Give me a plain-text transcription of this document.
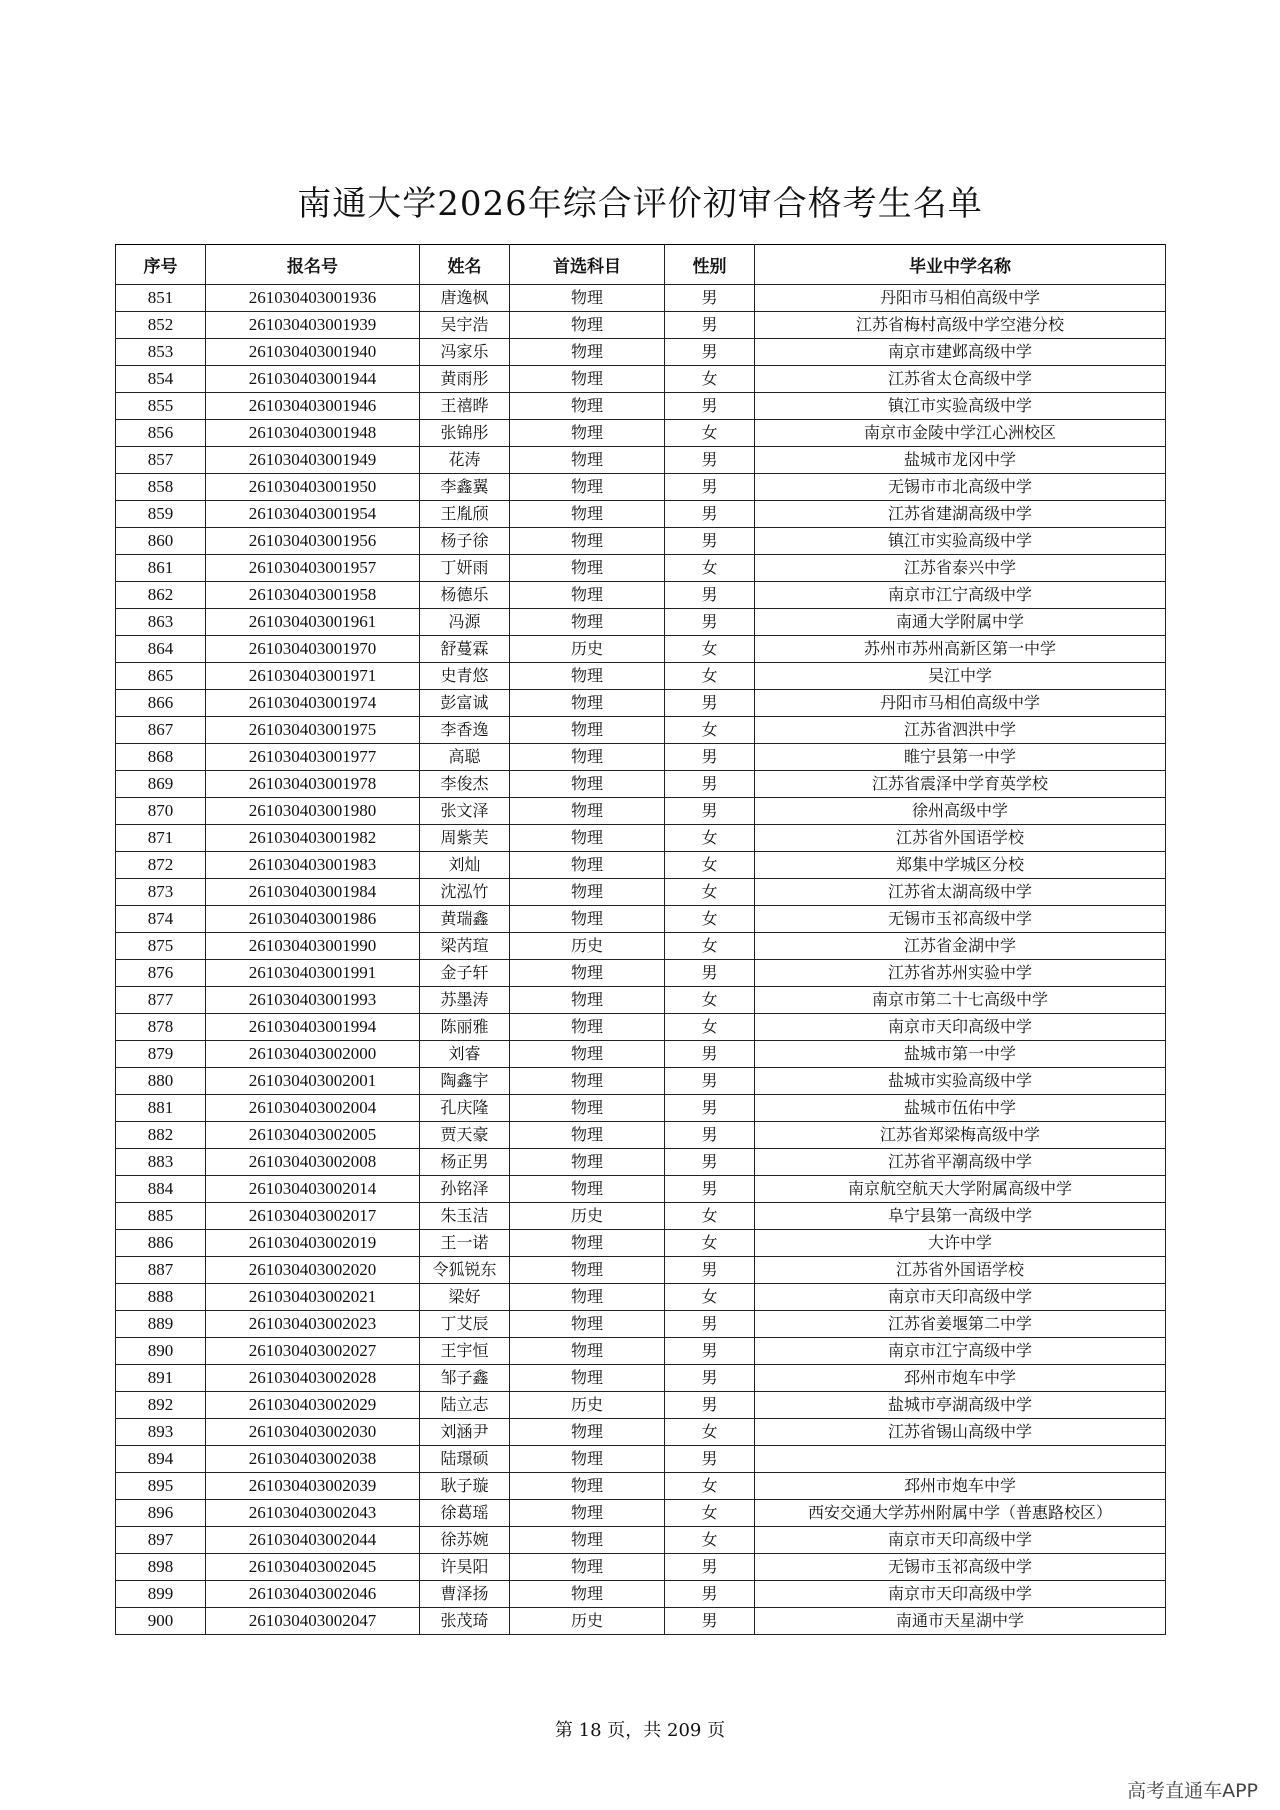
南通大学2026年综合评价初审合格考生名单
序号	报名号	姓名	首选科目	性别	毕业中学名称
851	261030403001936	唐逸枫	物理	男	丹阳市马相伯高级中学
852	261030403001939	吴宇浩	物理	男	江苏省梅村高级中学空港分校
853	261030403001940	冯家乐	物理	男	南京市建邺高级中学
854	261030403001944	黄雨彤	物理	女	江苏省太仓高级中学
855	261030403001946	王禧晔	物理	男	镇江市实验高级中学
856	261030403001948	张锦彤	物理	女	南京市金陵中学江心洲校区
857	261030403001949	花涛	物理	男	盐城市龙冈中学
858	261030403001950	李鑫翼	物理	男	无锡市市北高级中学
859	261030403001954	王胤颀	物理	男	江苏省建湖高级中学
860	261030403001956	杨子徐	物理	男	镇江市实验高级中学
861	261030403001957	丁妍雨	物理	女	江苏省泰兴中学
862	261030403001958	杨德乐	物理	男	南京市江宁高级中学
863	261030403001961	冯源	物理	男	南通大学附属中学
864	261030403001970	舒蔓霖	历史	女	苏州市苏州高新区第一中学
865	261030403001971	史青悠	物理	女	吴江中学
866	261030403001974	彭富诚	物理	男	丹阳市马相伯高级中学
867	261030403001975	李香逸	物理	女	江苏省泗洪中学
868	261030403001977	高聪	物理	男	睢宁县第一中学
869	261030403001978	李俊杰	物理	男	江苏省震泽中学育英学校
870	261030403001980	张文泽	物理	男	徐州高级中学
871	261030403001982	周紫芙	物理	女	江苏省外国语学校
872	261030403001983	刘灿	物理	女	郑集中学城区分校
873	261030403001984	沈泓竹	物理	女	江苏省太湖高级中学
874	261030403001986	黄瑞鑫	物理	女	无锡市玉祁高级中学
875	261030403001990	梁芮瑄	历史	女	江苏省金湖中学
876	261030403001991	金子轩	物理	男	江苏省苏州实验中学
877	261030403001993	苏墨涛	物理	女	南京市第二十七高级中学
878	261030403001994	陈丽雅	物理	女	南京市天印高级中学
879	261030403002000	刘睿	物理	男	盐城市第一中学
880	261030403002001	陶鑫宇	物理	男	盐城市实验高级中学
881	261030403002004	孔庆隆	物理	男	盐城市伍佑中学
882	261030403002005	贾天豪	物理	男	江苏省郑梁梅高级中学
883	261030403002008	杨正男	物理	男	江苏省平潮高级中学
884	261030403002014	孙铭泽	物理	男	南京航空航天大学附属高级中学
885	261030403002017	朱玉洁	历史	女	阜宁县第一高级中学
886	261030403002019	王一诺	物理	女	大许中学
887	261030403002020	令狐锐东	物理	男	江苏省外国语学校
888	261030403002021	梁好	物理	女	南京市天印高级中学
889	261030403002023	丁艾辰	物理	男	江苏省姜堰第二中学
890	261030403002027	王宇恒	物理	男	南京市江宁高级中学
891	261030403002028	邹子鑫	物理	男	邳州市炮车中学
892	261030403002029	陆立志	历史	男	盐城市亭湖高级中学
893	261030403002030	刘涵尹	物理	女	江苏省锡山高级中学
894	261030403002038	陆璟硕	物理	男	
895	261030403002039	耿子璇	物理	女	邳州市炮车中学
896	261030403002043	徐葛瑶	物理	女	西安交通大学苏州附属中学（普惠路校区）
897	261030403002044	徐苏婉	物理	女	南京市天印高级中学
898	261030403002045	许昊阳	物理	男	无锡市玉祁高级中学
899	261030403002046	曹泽扬	物理	男	南京市天印高级中学
900	261030403002047	张茂琦	历史	男	南通市天星湖中学
第 18 页，共 209 页
高考直通车APP
